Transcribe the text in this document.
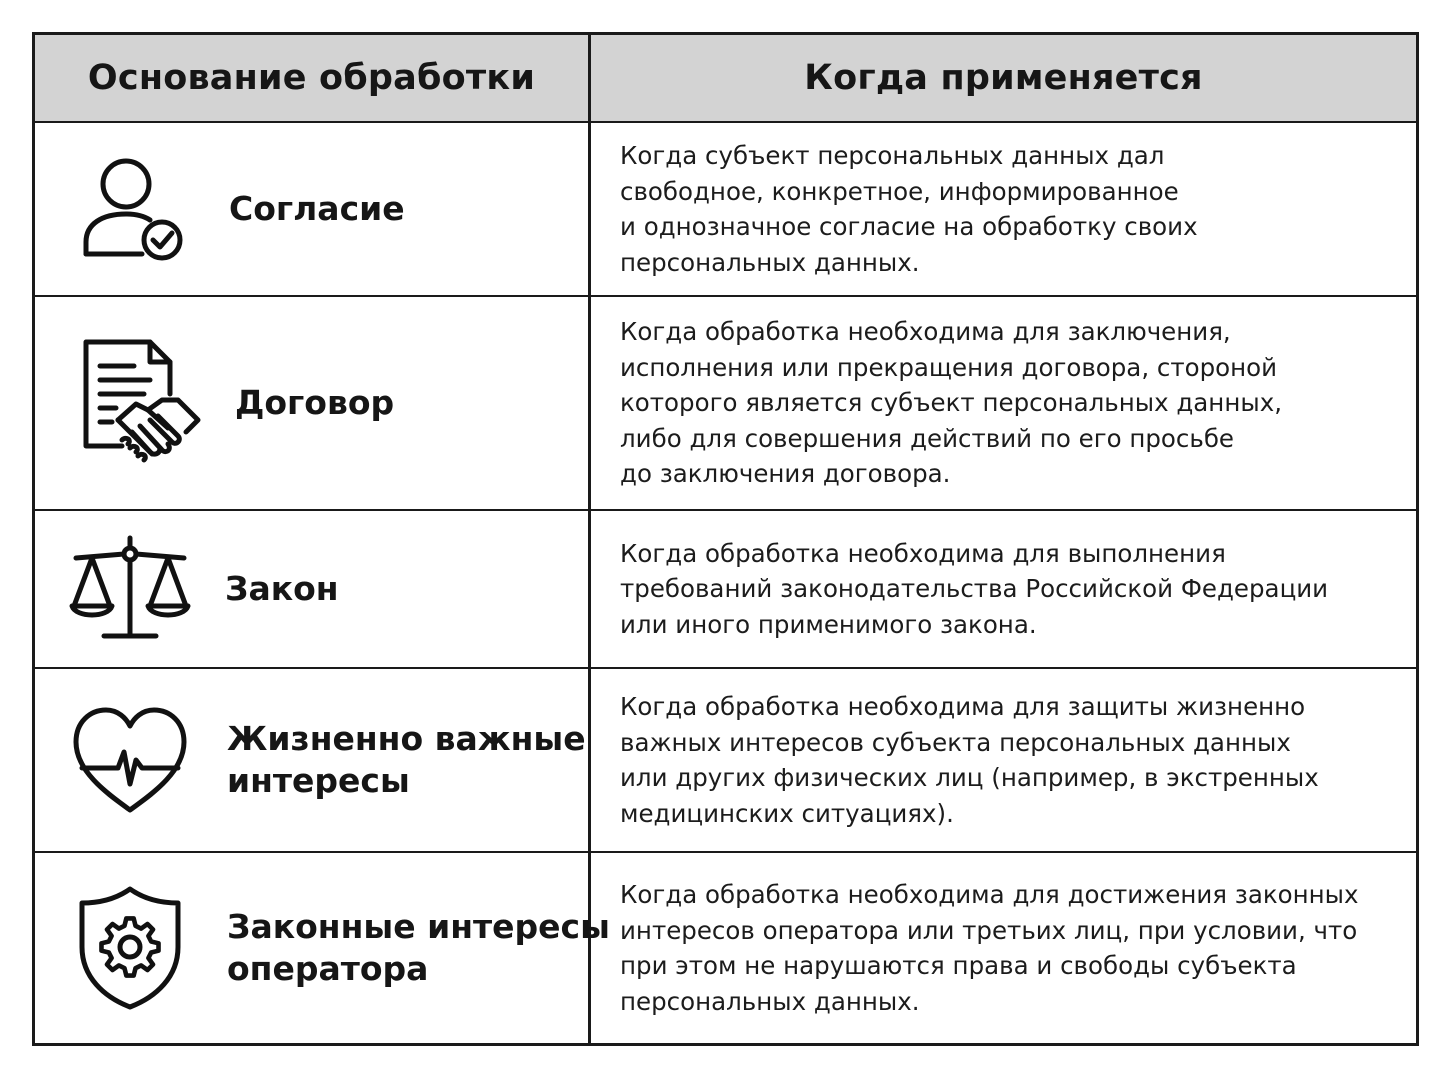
Основание обработки	Когда применяется
Согласие
Когда субъект персональных данных дал
свободное, конкретное, информированное
и однозначное согласие на обработку своих
персональных данных.
Договор
Когда обработка необходима для заключения,
исполнения или прекращения договора, стороной
которого является субъект персональных данных,
либо для совершения действий по его просьбе
до заключения договора.
Закон
Когда обработка необходима для выполнения
требований законодательства Российской Федерации
или иного применимого закона.
Жизненно важные
интересы
Когда обработка необходима для защиты жизненно
важных интересов субъекта персональных данных
или других физических лиц (например, в экстренных
медицинских ситуациях).
Законные интересы
оператора
Когда обработка необходима для достижения законных
интересов оператора или третьих лиц, при условии, что
при этом не нарушаются права и свободы субъекта
персональных данных.
